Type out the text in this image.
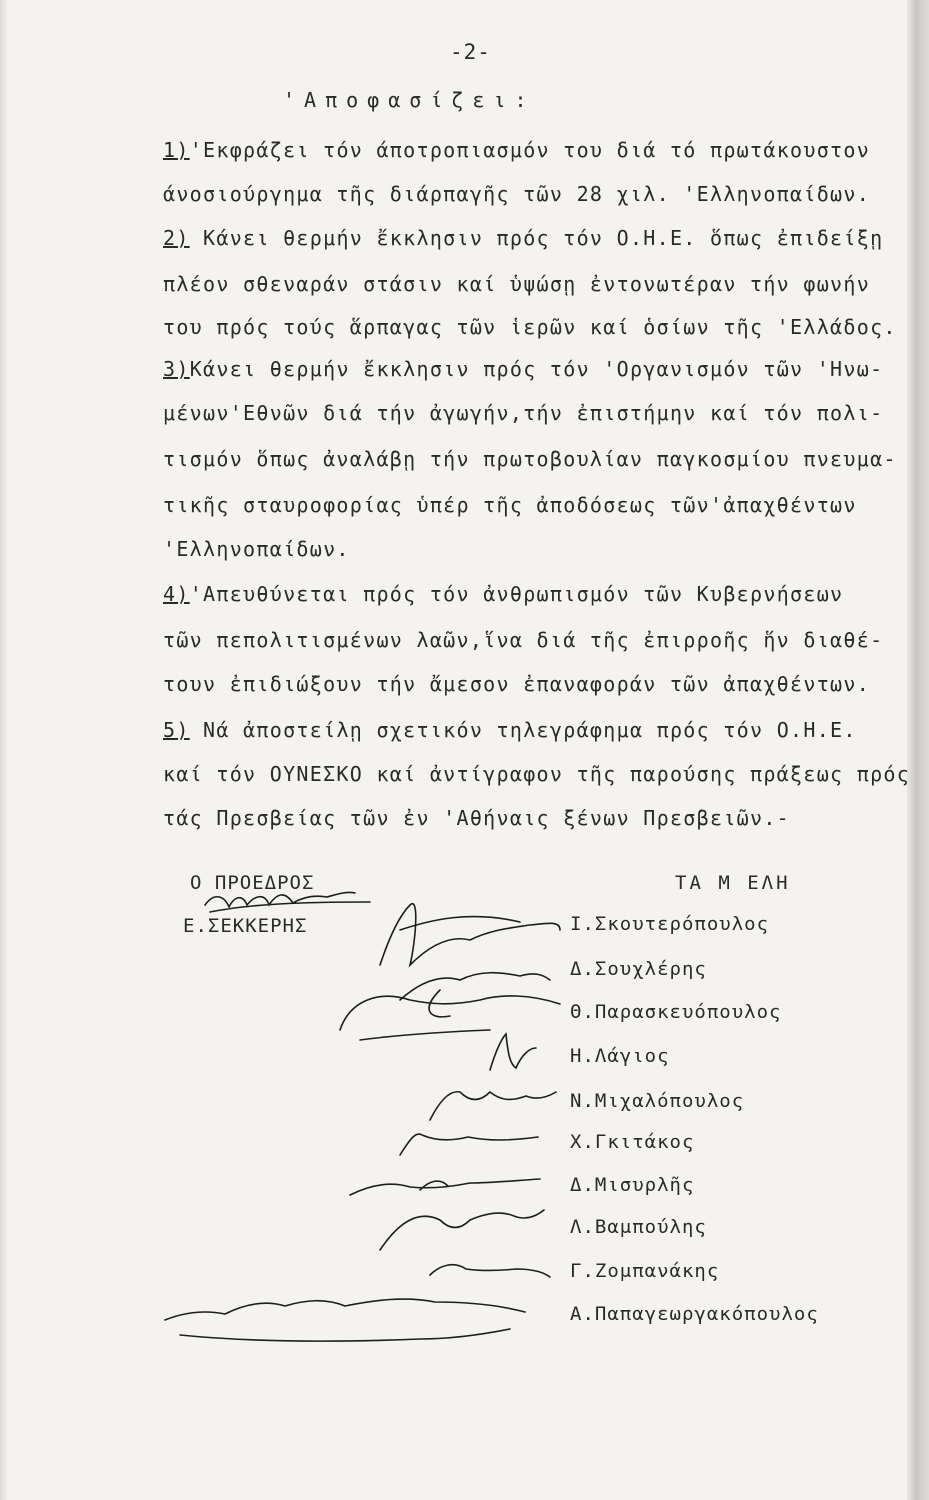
-2-
'Αποφασίζει:
1)'Εκφράζει τόν άποτροπιασμόν του διά τό πρωτάκουστον
άνοσιούργημα τῆς διάρπαγῆς τῶν 28 χιλ. 'Ελληνοπαίδων.
2) Κάνει θερμήν ἔκκλησιν πρός τόν Ο.Η.Ε. ὅπως ἐπιδείξῃ
πλέον σθεναράν στάσιν καί ὑψώσῃ ἐντονωτέραν τήν φωνήν
του πρός τούς ἅρπαγας τῶν ἱερῶν καί ὁσίων τῆς 'Ελλάδος.
3)Κάνει θερμήν ἔκκλησιν πρός τόν 'Οργανισμόν τῶν 'Ηνω-
μένων'Εθνῶν διά τήν ἀγωγήν,τήν ἐπιστήμην καί τόν πολι-
τισμόν ὅπως ἀναλάβῃ τήν πρωτοβουλίαν παγκοσμίου πνευμα-
τικῆς σταυροφορίας ὑπέρ τῆς ἀποδόσεως τῶν'ἀπαχθέντων
'Ελληνοπαίδων.
4)'Απευθύνεται πρός τόν ἀνθρωπισμόν τῶν Κυβερνήσεων
τῶν πεπολιτισμένων λαῶν,ἵνα διά τῆς ἐπιρροῆς ἥν διαθέ-
τουν ἐπιδιώξουν τήν ἄμεσον ἐπαναφοράν τῶν ἀπαχθέντων.
5) Νά ἀποστείλῃ σχετικόν τηλεγράφημα πρός τόν Ο.Η.Ε.
καί τόν ΟΥΝΕΣΚΟ καί ἀντίγραφον τῆς παρούσης πράξεως πρός
τάς Πρεσβείας τῶν ἐν 'Αθήναις ξένων Πρεσβειῶν.-
Ο ΠΡΟΕΔΡΟΣ	ΤΑ Μ ΕΛΗ
Ε.ΣΕΚΚΕΡΗΣ	Ι.Σκουτερόπουλος
Δ.Σουχλέρης
Θ.Παρασκευόπουλος
Η.Λάγιος
Ν.Μιχαλόπουλος
Χ.Γκιτάκος
Δ.Μισυρλῆς
Λ.Βαμπούλης
Γ.Ζομπανάκης
Α.Παπαγεωργακόπουλος
